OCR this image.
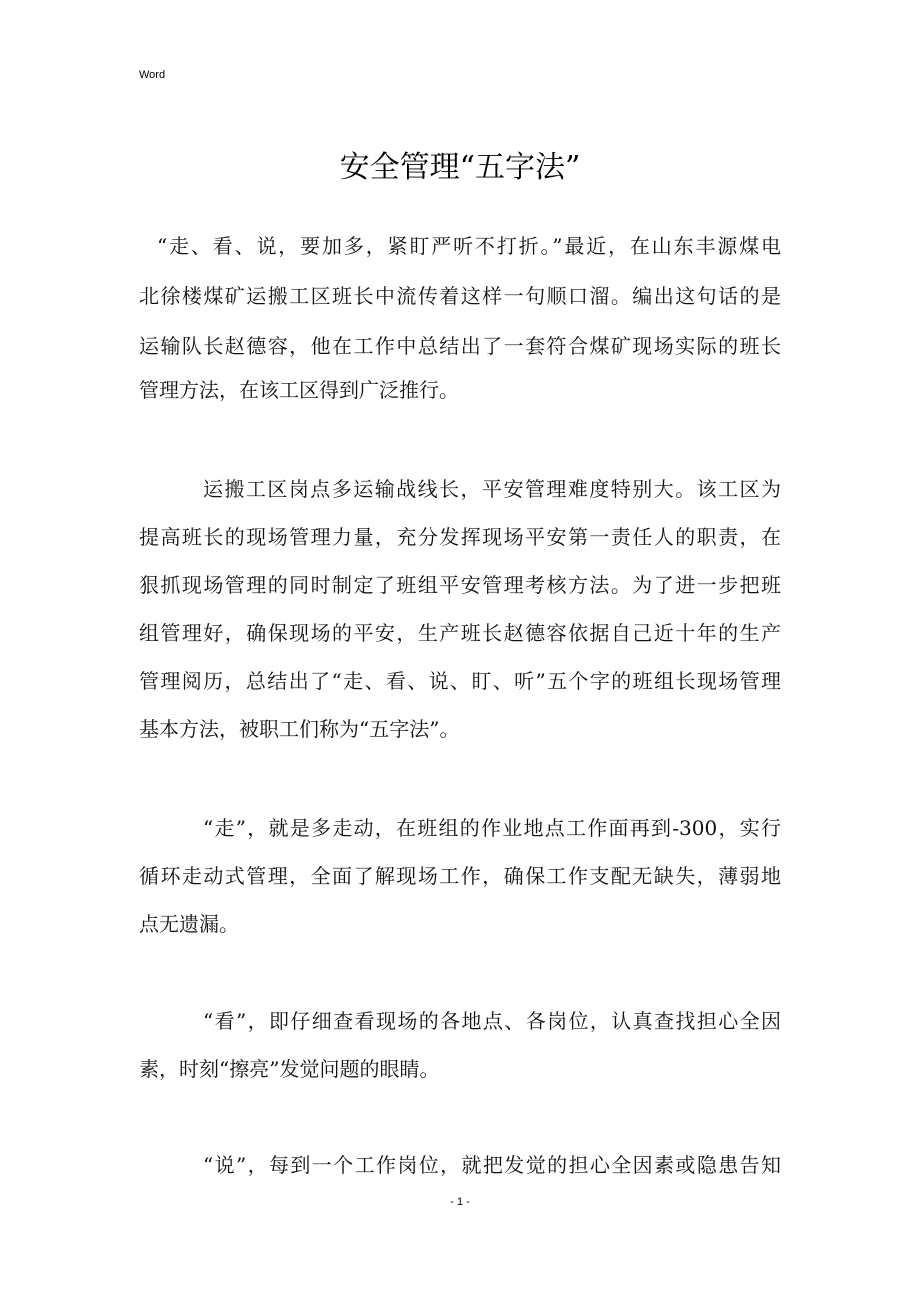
Word
安全管理“五字法”
“走、看、说，要加多，紧盯严听不打折。”最近，在山东丰源煤电
北徐楼煤矿运搬工区班长中流传着这样一句顺口溜。编出这句话的是
运输队长赵德容，他在工作中总结出了一套符合煤矿现场实际的班长
管理方法，在该工区得到广泛推行。
运搬工区岗点多运输战线长，平安管理难度特别大。该工区为
提高班长的现场管理力量，充分发挥现场平安第一责任人的职责，在
狠抓现场管理的同时制定了班组平安管理考核方法。为了进一步把班
组管理好，确保现场的平安，生产班长赵德容依据自己近十年的生产
管理阅历，总结出了“走、看、说、盯、听”五个字的班组长现场管理
基本方法，被职工们称为“五字法”。
“走”，就是多走动，在班组的作业地点工作面再到-300，实行
循环走动式管理，全面了解现场工作，确保工作支配无缺失，薄弱地
点无遗漏。
“看”，即仔细查看现场的各地点、各岗位，认真查找担心全因
素，时刻“擦亮”发觉问题的眼睛。
“说”，每到一个工作岗位，就把发觉的担心全因素或隐患告知
- 1 -
